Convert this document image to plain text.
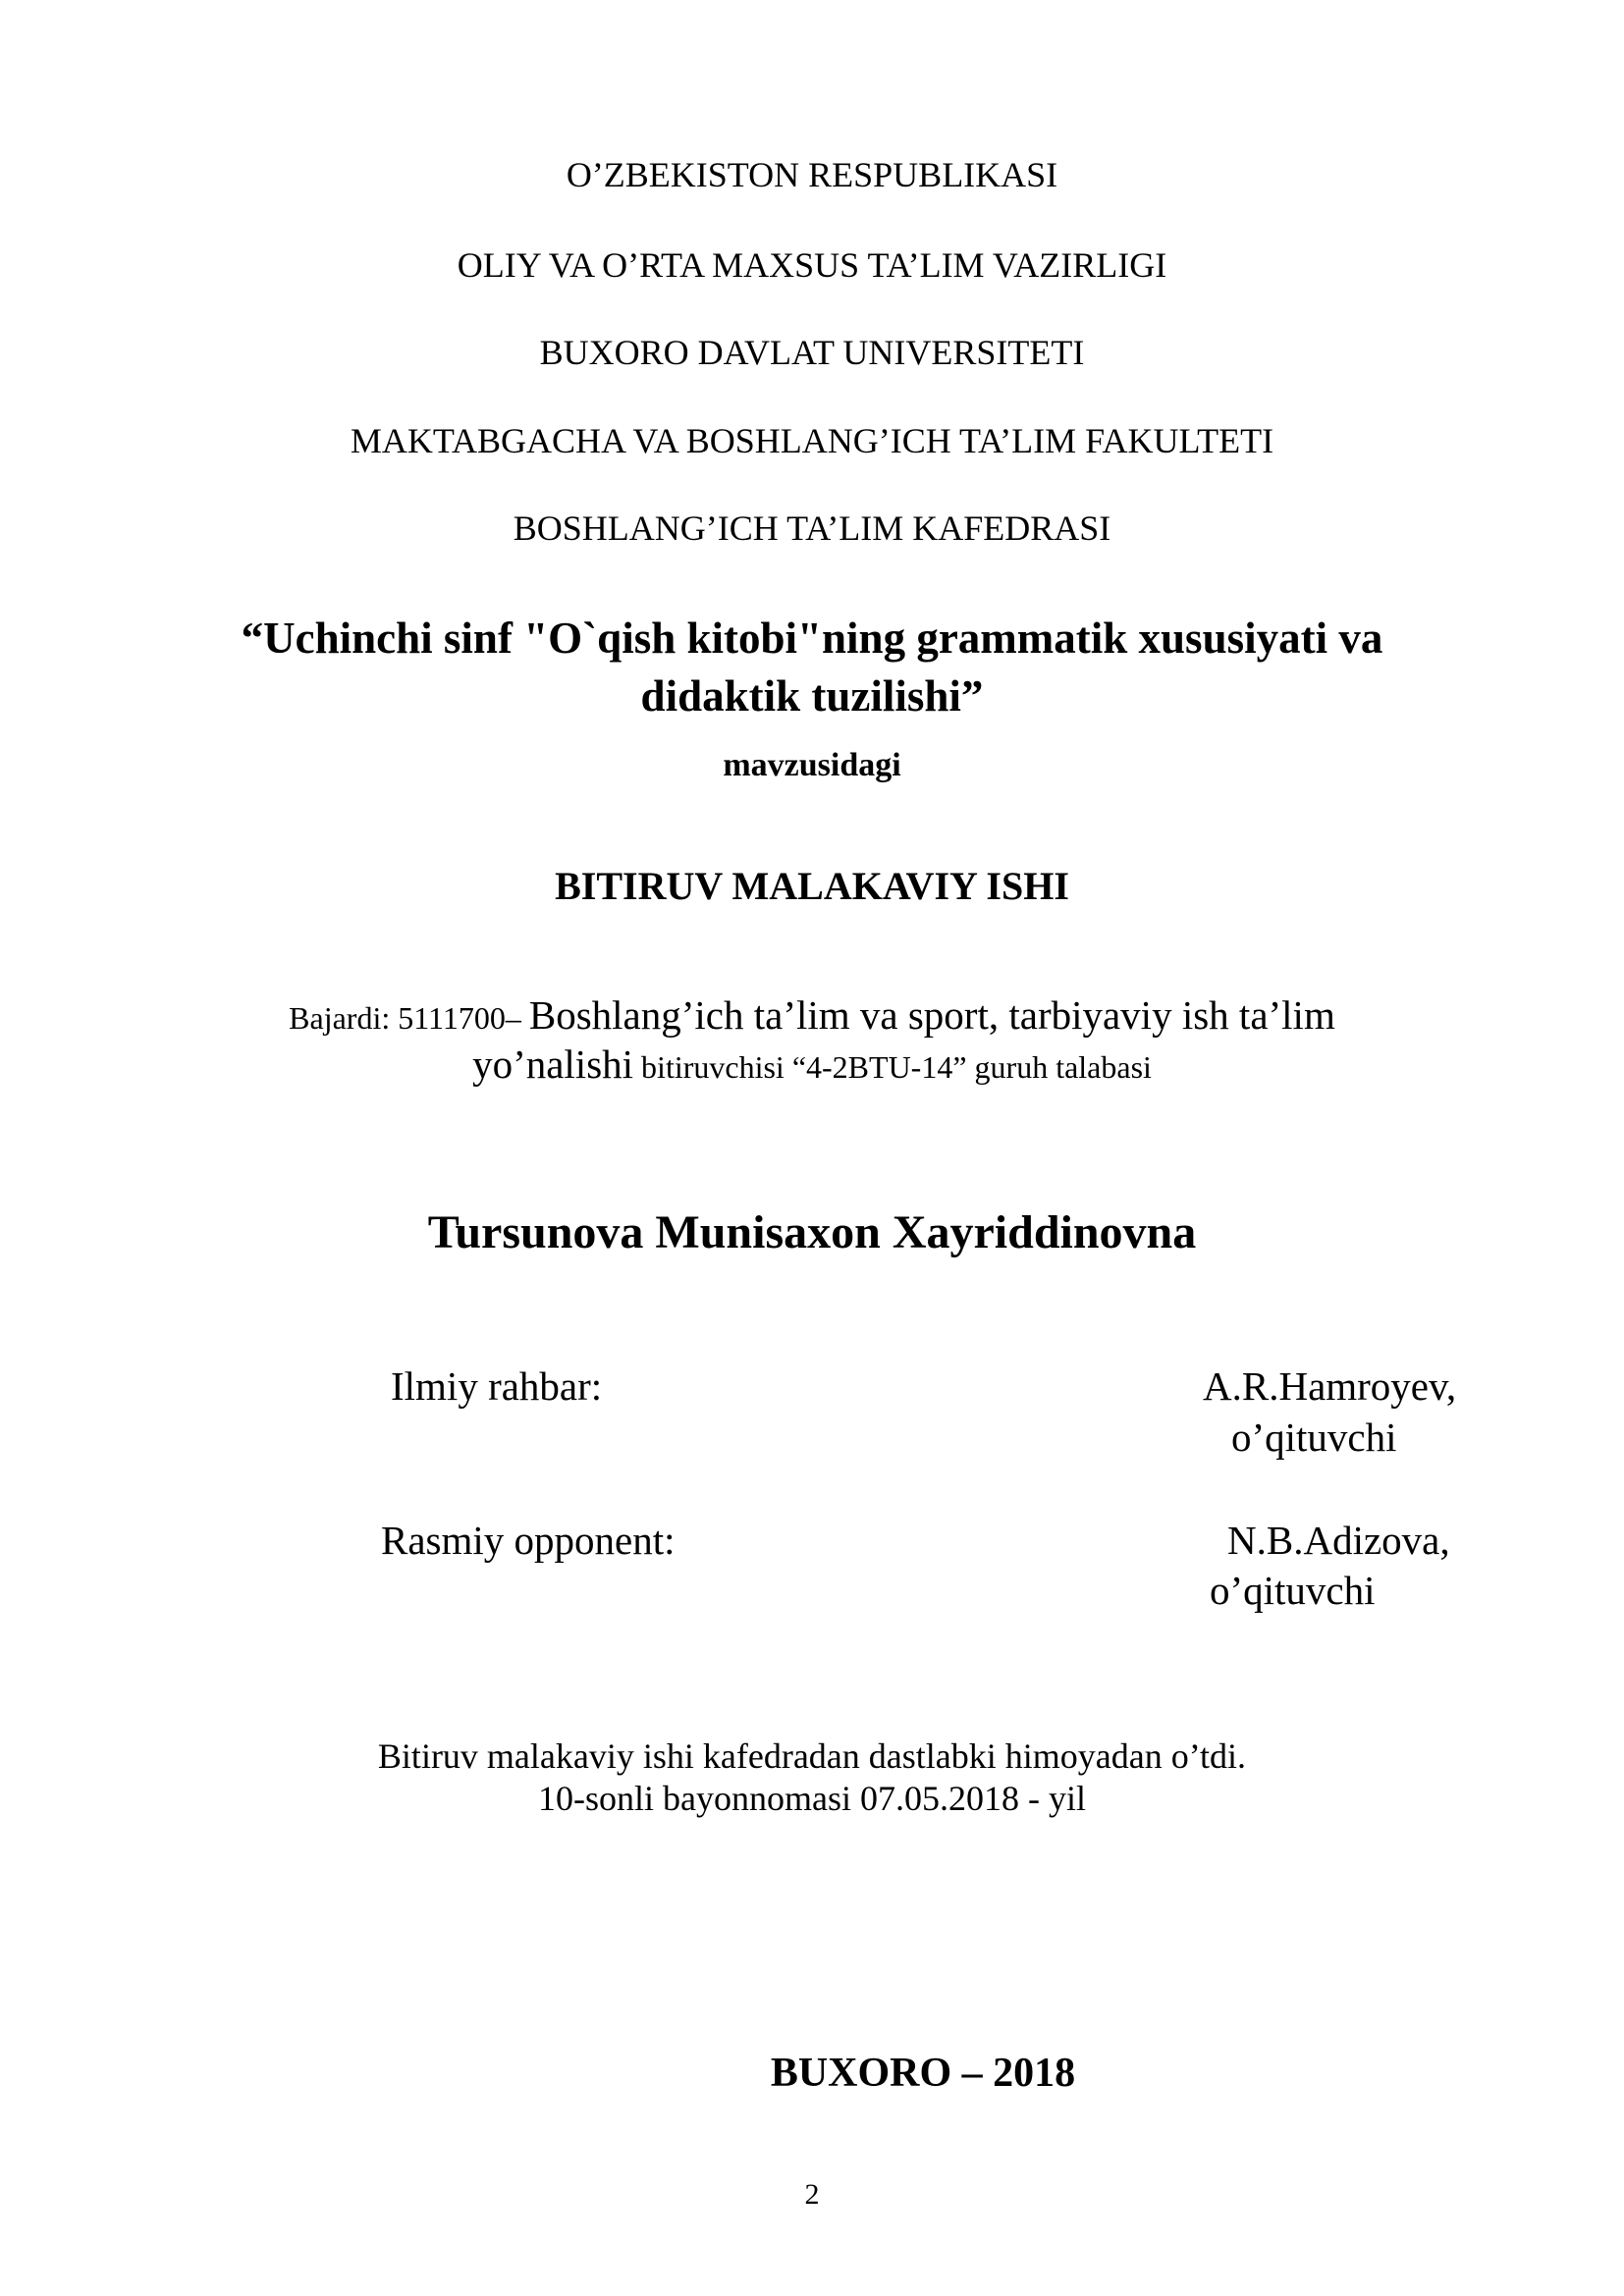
O’ZBEKISTON RESPUBLIKASI
OLIY VA O’RTA MAXSUS TA’LIM VAZIRLIGI
BUXORO DAVLAT UNIVERSITETI
MAKTABGACHA VA BOSHLANG’ICH TA’LIM FAKULTETI
BOSHLANG’ICH TA’LIM KAFEDRASI
“Uchinchi sinf "O`qish kitobi"ning grammatik xususiyati va
didaktik tuzilishi”
mavzusidagi
BITIRUV MALAKAVIY ISHI
Bajardi: 5111700– Boshlang’ich ta’lim va sport, tarbiyaviy ish ta’lim
yo’nalishi bitiruvchisi “4-2BTU-14” guruh talabasi
Tursunova Munisaxon Xayriddinovna
Ilmiy rahbar:	A.R.Hamroyev,
o’qituvchi
Rasmiy opponent:	N.B.Adizova,
o’qituvchi
Bitiruv malakaviy ishi kafedradan dastlabki himoyadan o’tdi.
10-sonli bayonnomasi 07.05.2018 - yil
BUXORO – 2018
2
